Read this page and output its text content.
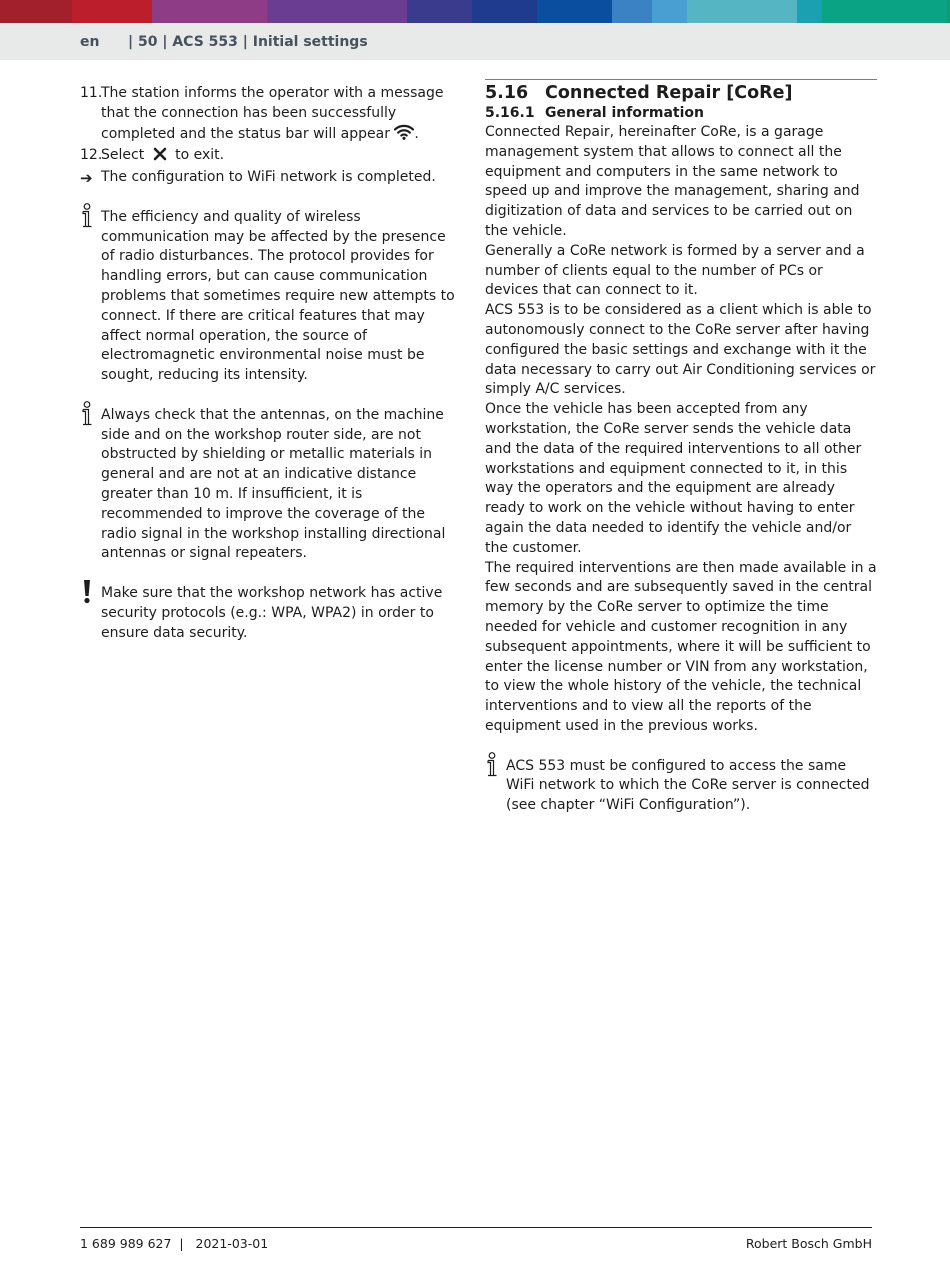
en | 50 | ACS 553 | Initial settings
11.
The station informs the operator with a message that the connection has been successfully completed and the status bar will appear .
12.
Select to exit.
➔ The configuration to WiFi network is completed.

The efficiency and quality of wireless communication may be affected by the presence of radio disturbances. The protocol provides for handling errors, but can cause communication problems that sometimes require new attempts to connect. If there are critical features that may affect normal operation, the source of electromagnetic environmental noise must be sought, reducing its intensity.

Always check that the antennas, on the machine side and on the workshop router side, are not obstructed by shielding or metallic materials in general and are not at an indicative distance greater than 10 m. If insufficient, it is recommended to improve the coverage of the radio signal in the workshop installing directional antennas or signal repeaters.

Make sure that the workshop network has active security protocols (e.g.: WPA, WPA2) in order to ensure data security.

5.16 Connected Repair [CoRe]
5.16.1 General information

Connected Repair, hereinafter CoRe, is a garage management system that allows to connect all the equipment and computers in the same network to speed up and improve the management, sharing and digitization of data and services to be carried out on the vehicle.

Generally a CoRe network is formed by a server and a number of clients equal to the number of PCs or devices that can connect to it.

ACS 553 is to be considered as a client which is able to autonomously connect to the CoRe server after having configured the basic settings and exchange with it the data necessary to carry out Air Conditioning services or simply A/C services.

Once the vehicle has been accepted from any workstation, the CoRe server sends the vehicle data and the data of the required interventions to all other workstations and equipment connected to it, in this way the operators and the equipment are already ready to work on the vehicle without having to enter again the data needed to identify the vehicle and/or the customer.

The required interventions are then made available in a few seconds and are subsequently saved in the central memory by the CoRe server to optimize the time needed for vehicle and customer recognition in any subsequent appointments, where it will be sufficient to enter the license number or VIN from any workstation, to view the whole history of the vehicle, the technical interventions and to view all the reports of the equipment used in the previous works.

ACS 553 must be configured to access the same WiFi network to which the CoRe server is connected (see chapter “WiFi Configuration”).

1 689 989 627  |   2021-03-01	Robert Bosch GmbH
